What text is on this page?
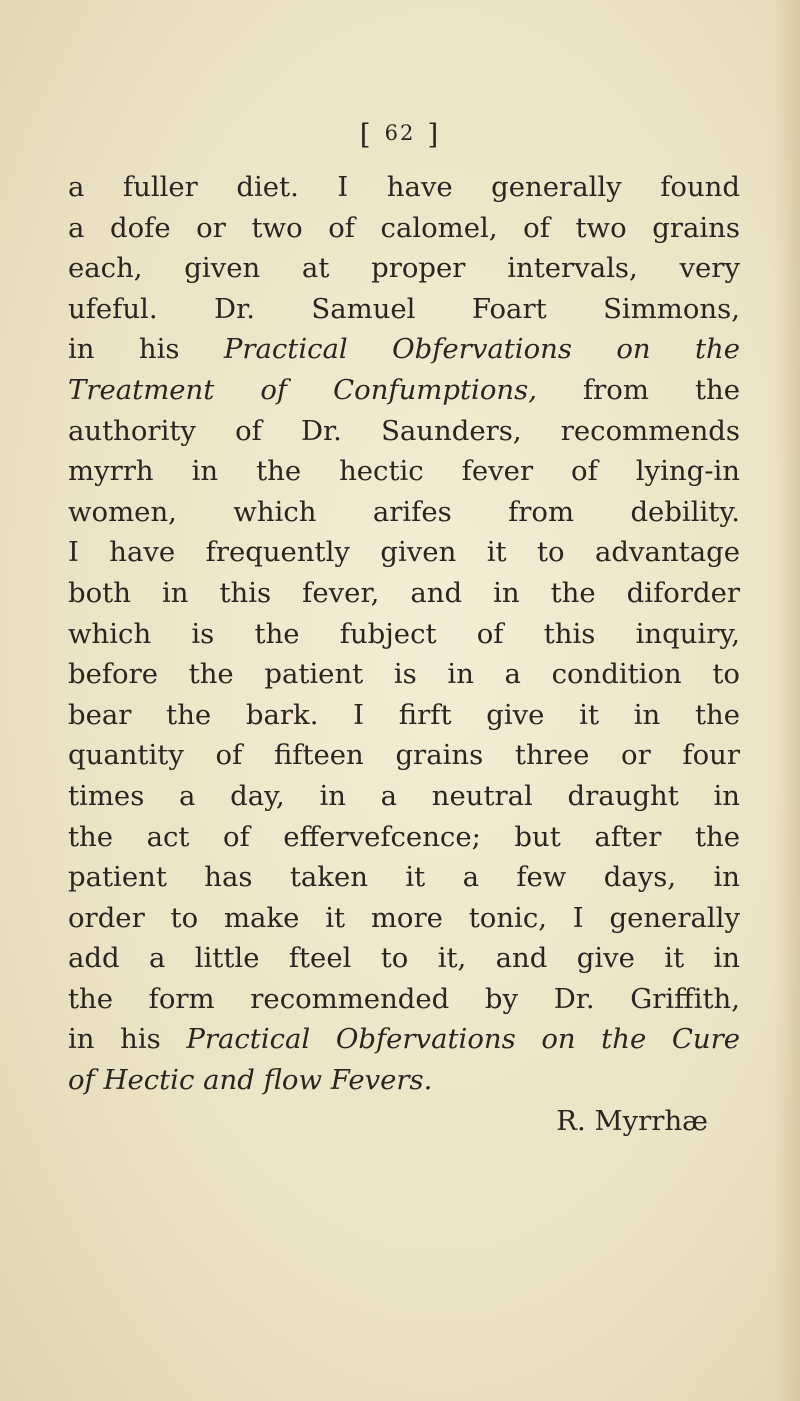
[ 62 ]
a fuller diet. I have generally found
a dofe or two of calomel, of two grains
each, given at proper intervals, very
ufeful. Dr. Samuel Foart Simmons,
in his Practical Obfervations on the
Treatment of Confumptions, from the
authority of Dr. Saunders, recommends
myrrh in the hectic fever of lying-in
women, which arifes from debility.
I have frequently given it to advantage
both in this fever, and in the diforder
which is the fubject of this inquiry,
before the patient is in a condition to
bear the bark. I firft give it in the
quantity of fifteen grains three or four
times a day, in a neutral draught in
the act of effervefcence; but after the
patient has taken it a few days, in
order to make it more tonic, I generally
add a little fteel to it, and give it in
the form recommended by Dr. Griffith,
in his Practical Obfervations on the Cure
of Hectic and flow Fevers.
R. Myrrhæ
